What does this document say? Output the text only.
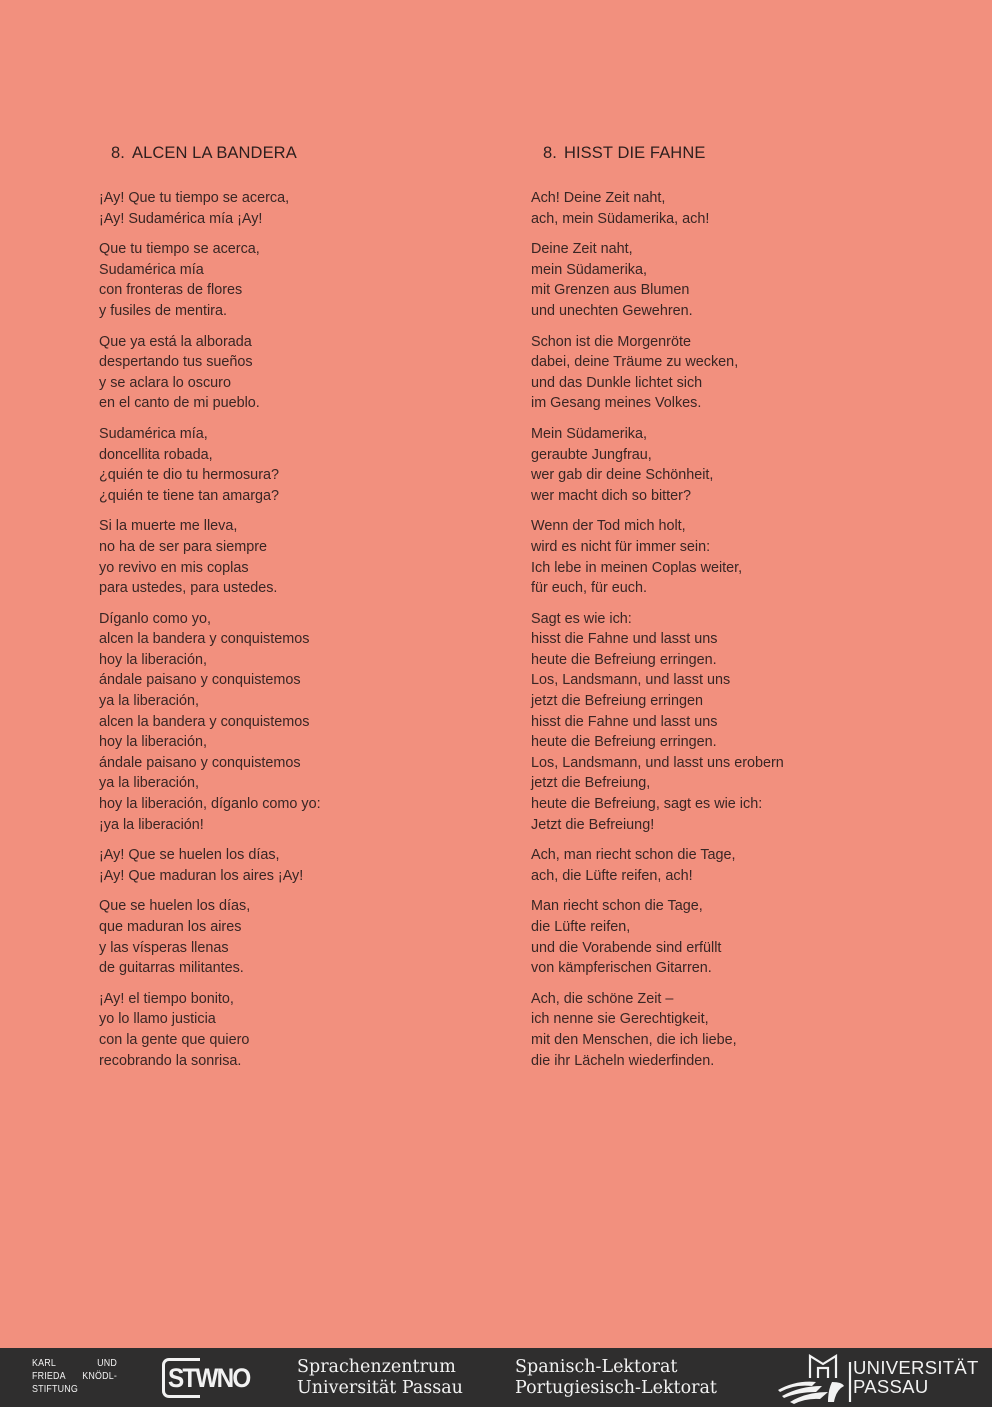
8. ALCEN LA BANDERA
¡Ay! Que tu tiempo se acerca,
¡Ay! Sudamérica mía ¡Ay!
Que tu tiempo se acerca,
Sudamérica mía
con fronteras de flores
y fusiles de mentira.
Que ya está la alborada
despertando tus sueños
y se aclara lo oscuro
en el canto de mi pueblo.
Sudamérica mía,
doncellita robada,
¿quién te dio tu hermosura?
¿quién te tiene tan amarga?
Si la muerte me lleva,
no ha de ser para siempre
yo revivo en mis coplas
para ustedes, para ustedes.
Díganlo como yo,
alcen la bandera y conquistemos
hoy la liberación,
ándale paisano y conquistemos
ya la liberación,
alcen la bandera y conquistemos
hoy la liberación,
ándale paisano y conquistemos
ya la liberación,
hoy la liberación, díganlo como yo:
¡ya la liberación!
¡Ay! Que se huelen los días,
¡Ay! Que maduran los aires ¡Ay!
Que se huelen los días,
que maduran los aires
y las vísperas llenas
de guitarras militantes.
¡Ay! el tiempo bonito,
yo lo llamo justicia
con la gente que quiero
recobrando la sonrisa.
8. HISST DIE FAHNE
Ach! Deine Zeit naht,
ach, mein Südamerika, ach!
Deine Zeit naht,
mein Südamerika,
mit Grenzen aus Blumen
und unechten Gewehren.
Schon ist die Morgenröte
dabei, deine Träume zu wecken,
und das Dunkle lichtet sich
im Gesang meines Volkes.
Mein Südamerika,
geraubte Jungfrau,
wer gab dir deine Schönheit,
wer macht dich so bitter?
Wenn der Tod mich holt,
wird es nicht für immer sein:
Ich lebe in meinen Coplas weiter,
für euch, für euch.
Sagt es wie ich:
hisst die Fahne und lasst uns
heute die Befreiung erringen.
Los, Landsmann, und lasst uns
jetzt die Befreiung erringen
hisst die Fahne und lasst uns
heute die Befreiung erringen.
Los, Landsmann, und lasst uns erobern
jetzt die Befreiung,
heute die Befreiung, sagt es wie ich:
Jetzt die Befreiung!
Ach, man riecht schon die Tage,
ach, die Lüfte reifen, ach!
Man riecht schon die Tage,
die Lüfte reifen,
und die Vorabende sind erfüllt
von kämpferischen Gitarren.
Ach, die schöne Zeit –
ich nenne sie Gerechtigkeit,
mit den Menschen, die ich liebe,
die ihr Lächeln wiederfinden.
KARL	UND
FRIEDA KNÖDL-
STIFTUNG	STWNO	Sprachenzentrum
Universität Passau
Spanisch-Lektorat
Portugiesisch-Lektorat
UNIVERSITÄT
PASSAU
